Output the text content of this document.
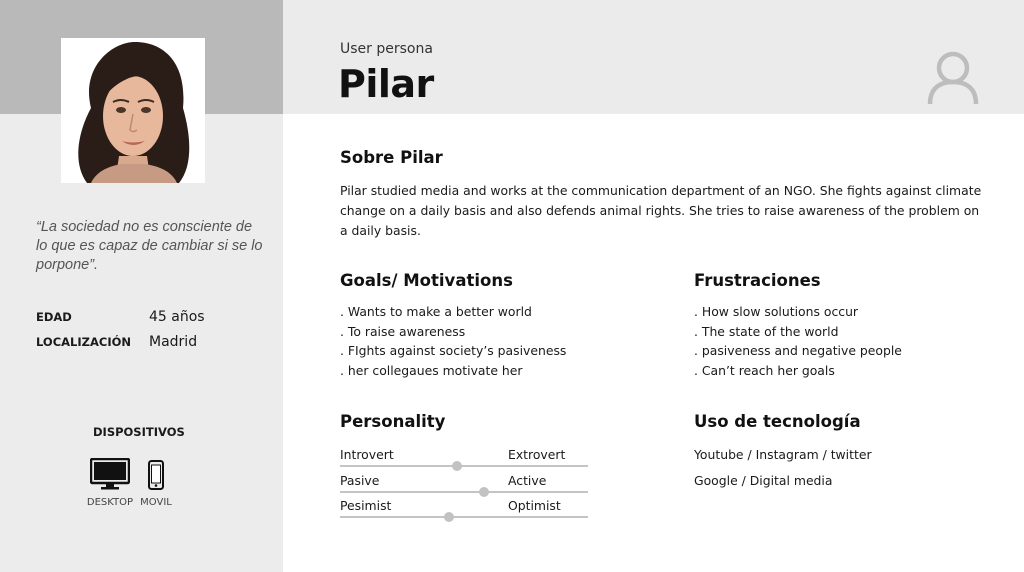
“La sociedad no es consciente de lo que es capaz de cambiar si se lo porpone”.
EDAD	45 años
LOCALIZACIÓN	Madrid
DISPOSITIVOS
DESKTOP MOVIL
User persona
Pilar
Sobre Pilar
Pilar studied media and works at the communication department of an NGO. She fights against climate change on a daily basis and also defends animal rights. She tries to raise awareness of the problem on a daily basis.
Goals/ Motivations
. Wants to make a better world
. To raise awareness
. FIghts against society’s pasiveness
. her collegaues motivate her
Frustraciones
. How slow solutions occur
. The state of the world
. pasiveness and negative people
. Can’t reach her goals
Personality
Introvert	Extrovert
Pasive	Active
Pesimist	Optimist
Uso de tecnología
Youtube / Instagram / twitter
Google / Digital media
